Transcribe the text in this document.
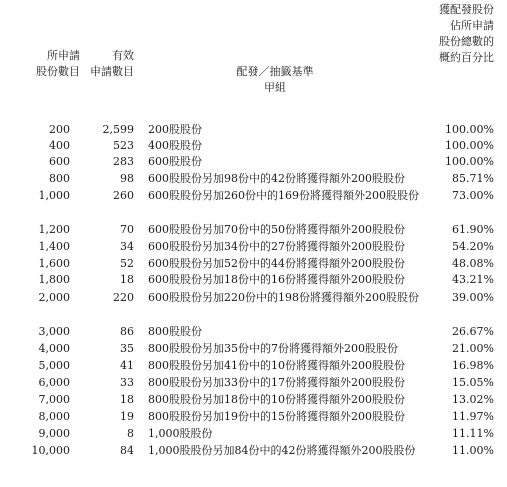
所申請
股份數目
有效
申請數目	配發／抽籤基準
甲組
獲配發股份
佔所申請
股份總數的
概約百分比
200	2,599 200股股份	100.00%
400	523 400股股份	100.00%
600	283 600股股份	100.00%
800	98 600股股份另加98份中的42份將獲得額外200股股份	85.71%
1,000	260 600股股份另加260份中的169份將獲得額外200股股份	73.00%
1,200	70 600股股份另加70份中的50份將獲得額外200股股份	61.90%
1,400	34 600股股份另加34份中的27份將獲得額外200股股份	54.20%
1,600	52 600股股份另加52份中的44份將獲得額外200股股份	48.08%
1,800	18 600股股份另加18份中的16份將獲得額外200股股份	43.21%
2,000	220 600股股份另加220份中的198份將獲得額外200股股份	39.00%
3,000	86 800股股份	26.67%
4,000	35 800股股份另加35份中的7份將獲得額外200股股份	21.00%
5,000	41 800股股份另加41份中的10份將獲得額外200股股份	16.98%
6,000	33 800股股份另加33份中的17份將獲得額外200股股份	15.05%
7,000	18 800股股份另加18份中的10份將獲得額外200股股份	13.02%
8,000	19 800股股份另加19份中的15份將獲得額外200股股份	11.97%
9,000	8 1,000股股份	11.11%
10,000	84 1,000股股份另加84份中的42份將獲得額外200股股份	11.00%
